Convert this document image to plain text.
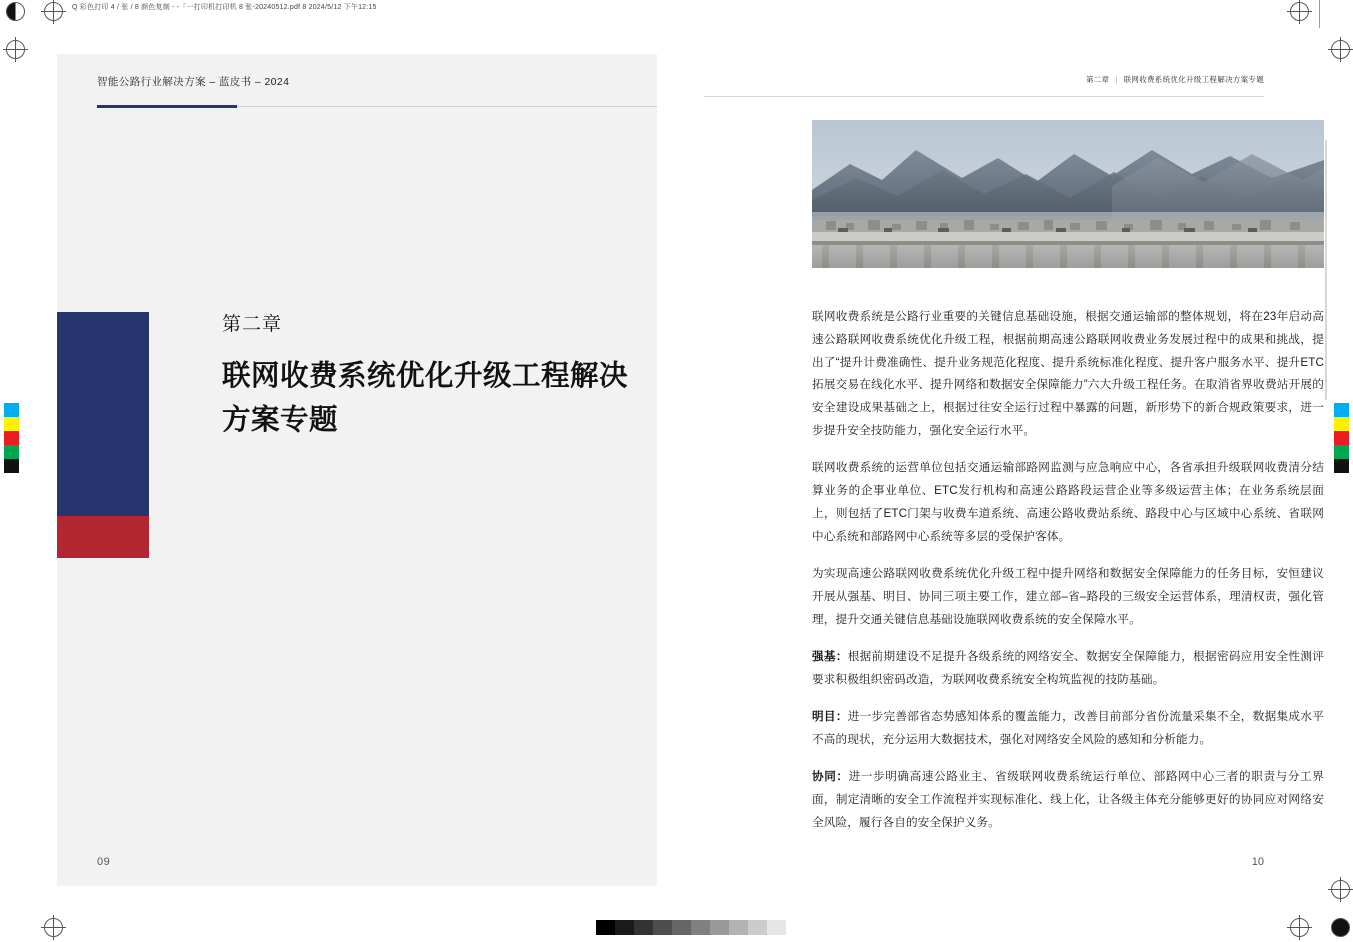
Q 彩色打印 4 / 张 / 8 颜色复制 - -「一打印机打印机 8 张-20240512.pdf 8 2024/5/12 下午12:15
智能公路行业解决方案 – 蓝皮书 – 2024
第二章
联网收费系统优化升级工程解决方案专题
09
第二章 | 联网收费系统优化升级工程解决方案专题

联网收费系统是公路行业重要的关键信息基础设施，根据交通运输部的整体规划，将在23年启动高速公路联网收费系统优化升级工程，根据前期高速公路联网收费业务发展过程中的成果和挑战，提出了“提升计费准确性、提升业务规范化程度、提升系统标准化程度、提升客户服务水平、提升ETC拓展交易在线化水平、提升网络和数据安全保障能力”六大升级工程任务。在取消省界收费站开展的安全建设成果基础之上，根据过往安全运行过程中暴露的问题，新形势下的新合规政策要求，进一步提升安全技防能力，强化安全运行水平。

联网收费系统的运营单位包括交通运输部路网监测与应急响应中心，各省承担升级联网收费清分结算业务的企事业单位、ETC发行机构和高速公路路段运营企业等多级运营主体；在业务系统层面上，则包括了ETC门架与收费车道系统、高速公路收费站系统、路段中心与区域中心系统、省联网中心系统和部路网中心系统等多层的受保护客体。

为实现高速公路联网收费系统优化升级工程中提升网络和数据安全保障能力的任务目标，安恒建议开展从强基、明目、协同三项主要工作，建立部–省–路段的三级安全运营体系，理清权责，强化管理，提升交通关键信息基础设施联网收费系统的安全保障水平。

强基：根据前期建设不足提升各级系统的网络安全、数据安全保障能力，根据密码应用安全性测评要求积极组织密码改造，为联网收费系统安全构筑监视的技防基础。

明目：进一步完善部省态势感知体系的覆盖能力，改善目前部分省份流量采集不全，数据集成水平不高的现状，充分运用大数据技术，强化对网络安全风险的感知和分析能力。

协同：进一步明确高速公路业主、省级联网收费系统运行单位、部路网中心三者的职责与分工界面，制定清晰的安全工作流程并实现标准化、线上化，让各级主体充分能够更好的协同应对网络安全风险，履行各自的安全保护义务。

10
